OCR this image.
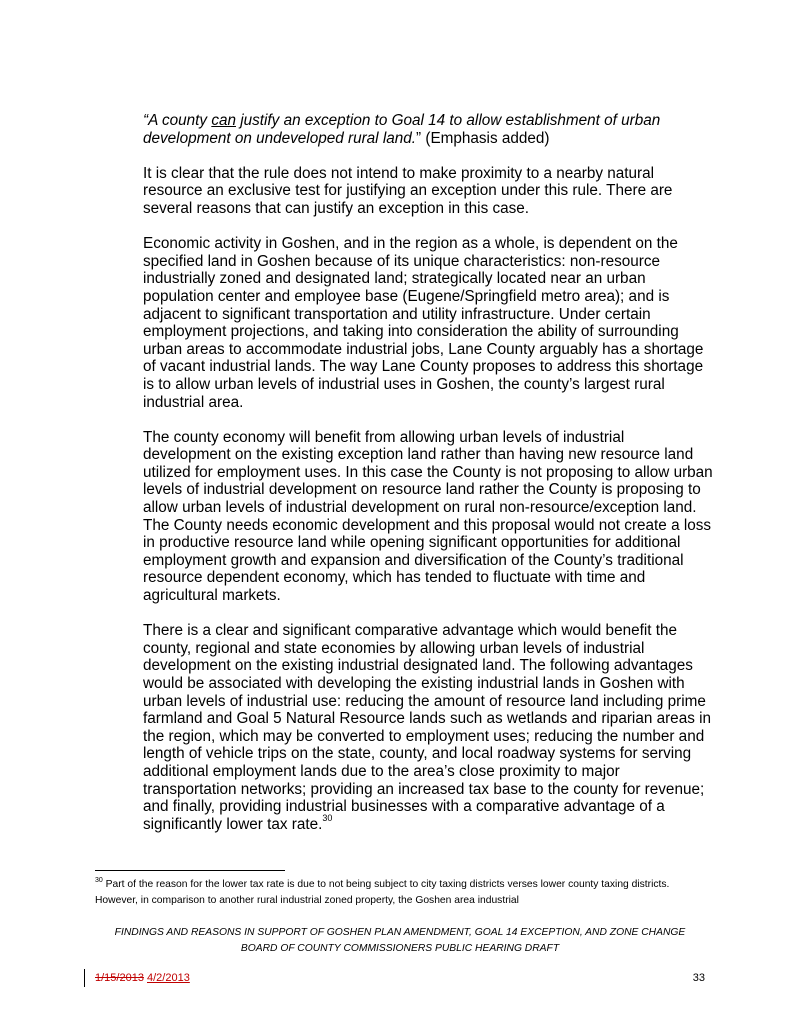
“A county can justify an exception to Goal 14 to allow establishment of urban development on undeveloped rural land.” (Emphasis added)

It is clear that the rule does not intend to make proximity to a nearby natural resource an exclusive test for justifying an exception under this rule. There are several reasons that can justify an exception in this case.

Economic activity in Goshen, and in the region as a whole, is dependent on the specified land in Goshen because of its unique characteristics: non-resource industrially zoned and designated land; strategically located near an urban population center and employee base (Eugene/Springfield metro area); and is adjacent to significant transportation and utility infrastructure. Under certain employment projections, and taking into consideration the ability of surrounding urban areas to accommodate industrial jobs, Lane County arguably has a shortage of vacant industrial lands. The way Lane County proposes to address this shortage is to allow urban levels of industrial uses in Goshen, the county’s largest rural industrial area.

The county economy will benefit from allowing urban levels of industrial development on the existing exception land rather than having new resource land utilized for employment uses. In this case the County is not proposing to allow urban levels of industrial development on resource land rather the County is proposing to allow urban levels of industrial development on rural non-resource/exception land. The County needs economic development and this proposal would not create a loss in productive resource land while opening significant opportunities for additional employment growth and expansion and diversification of the County’s traditional resource dependent economy, which has tended to fluctuate with time and agricultural markets.

There is a clear and significant comparative advantage which would benefit the county, regional and state economies by allowing urban levels of industrial development on the existing industrial designated land. The following advantages would be associated with developing the existing industrial lands in Goshen with urban levels of industrial use: reducing the amount of resource land including prime farmland and Goal 5 Natural Resource lands such as wetlands and riparian areas in the region, which may be converted to employment uses; reducing the number and length of vehicle trips on the state, county, and local roadway systems for serving additional employment lands due to the area’s close proximity to major transportation networks; providing an increased tax base to the county for revenue; and finally, providing industrial businesses with a comparative advantage of a significantly lower tax rate.$^{30}$

$^{30}$ Part of the reason for the lower tax rate is due to not being subject to city taxing districts verses lower county taxing districts. However, in comparison to another rural industrial zoned property, the Goshen area industrial
FINDINGS AND REASONS IN SUPPORT OF GOSHEN PLAN AMENDMENT, GOAL 14 EXCEPTION, AND ZONE CHANGE
BOARD OF COUNTY COMMISSIONERS PUBLIC HEARING DRAFT
1/15/2013 4/2/2013	33
